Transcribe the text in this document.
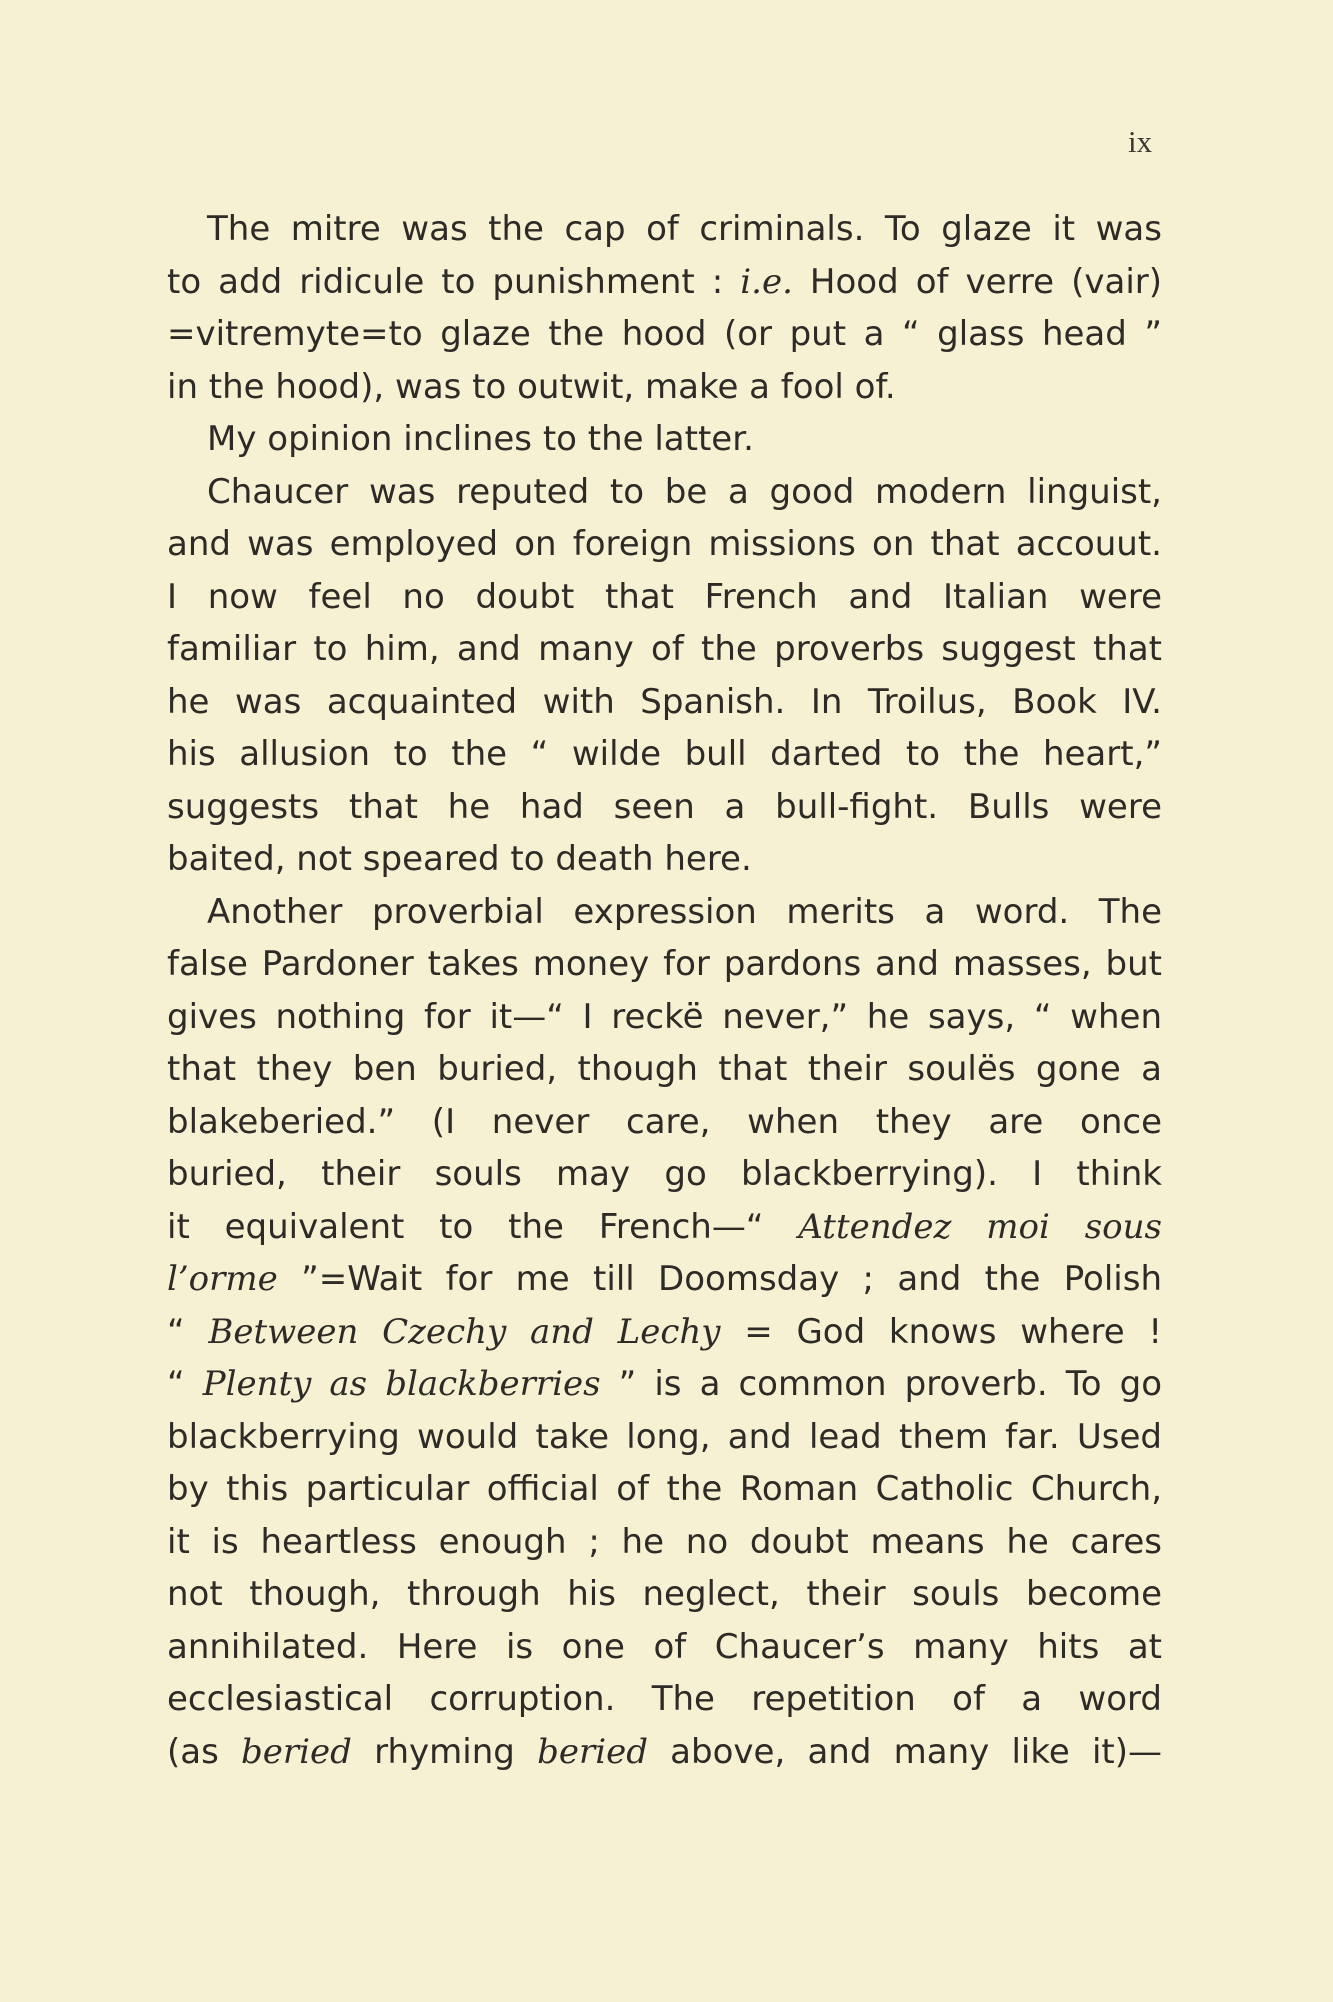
ix
The mitre was the cap of criminals. To glaze it was
to add ridicule to punishment : i.e. Hood of verre (vair)
=vitremyte=to glaze the hood (or put a “ glass head ”
in the hood), was to outwit, make a fool of.
My opinion inclines to the latter.
Chaucer was reputed to be a good modern linguist,
and was employed on foreign missions on that accouut.
I now feel no doubt that French and Italian were
familiar to him, and many of the proverbs suggest that
he was acquainted with Spanish. In Troilus, Book IV.
his allusion to the “ wilde bull darted to the heart,”
suggests that he had seen a bull-fight. Bulls were
baited, not speared to death here.
Another proverbial expression merits a word. The
false Pardoner takes money for pardons and masses, but
gives nothing for it—“ I reckë never,” he says, “ when
that they ben buried, though that their soulës gone a
blakeberied.” (I never care, when they are once
buried, their souls may go blackberrying). I think
it equivalent to the French—“ Attendez moi sous
l’orme ”=Wait for me till Doomsday ; and the Polish
“ Between Czechy and Lechy = God knows where !
“ Plenty as blackberries ” is a common proverb. To go
blackberrying would take long, and lead them far. Used
by this particular official of the Roman Catholic Church,
it is heartless enough ; he no doubt means he cares
not though, through his neglect, their souls become
annihilated. Here is one of Chaucer’s many hits at
ecclesiastical corruption. The repetition of a word
(as beried rhyming beried above, and many like it)—
